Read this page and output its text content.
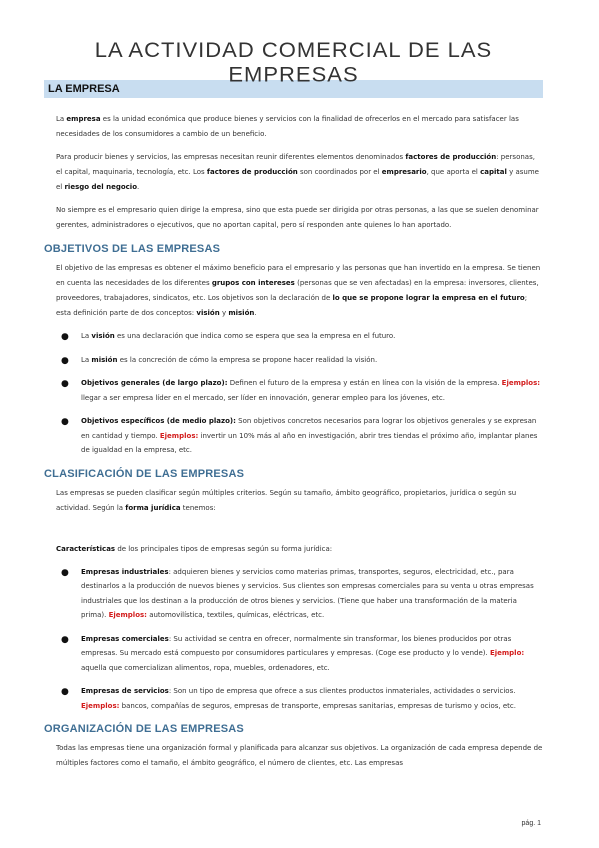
LA ACTIVIDAD COMERCIAL DE LAS EMPRESAS
LA EMPRESA

La empresa es la unidad económica que produce bienes y servicios con la finalidad de ofrecerlos en el mercado para satisfacer las necesidades de los consumidores a cambio de un beneficio.

Para producir bienes y servicios, las empresas necesitan reunir diferentes elementos denominados factores de producción: personas, el capital, maquinaria, tecnología, etc. Los factores de producción son coordinados por el empresario, que aporta el capital y asume el riesgo del negocio.

No siempre es el empresario quien dirige la empresa, sino que esta puede ser dirigida por otras personas, a las que se suelen denominar gerentes, administradores o ejecutivos, que no aportan capital, pero sí responden ante quienes lo han aportado.

OBJETIVOS DE LAS EMPRESAS

El objetivo de las empresas es obtener el máximo beneficio para el empresario y las personas que han invertido en la empresa. Se tienen en cuenta las necesidades de los diferentes grupos con intereses (personas que se ven afectadas) en la empresa: inversores, clientes, proveedores, trabajadores, sindicatos, etc. Los objetivos son la declaración de lo que se propone lograr la empresa en el futuro; esta definición parte de dos conceptos: visión y misión.

● La visión es una declaración que indica como se espera que sea la empresa en el futuro.
● La misión es la concreción de cómo la empresa se propone hacer realidad la visión.
● Objetivos generales (de largo plazo): Definen el futuro de la empresa y están en línea con la visión de la empresa. Ejemplos: llegar a ser empresa líder en el mercado, ser líder en innovación, generar empleo para los jóvenes, etc.
● Objetivos específicos (de medio plazo): Son objetivos concretos necesarios para lograr los objetivos generales y se expresan en cantidad y tiempo. Ejemplos: invertir un 10% más al año en investigación, abrir tres tiendas el próximo año, implantar planes de igualdad en la empresa, etc.
CLASIFICACIÓN DE LAS EMPRESAS

Las empresas se pueden clasificar según múltiples criterios. Según su tamaño, ámbito geográfico, propietarios, jurídica o según su actividad. Según la forma jurídica tenemos:

Características de los principales tipos de empresas según su forma jurídica:

● Empresas industriales: adquieren bienes y servicios como materias primas, transportes, seguros, electricidad, etc., para destinarlos a la producción de nuevos bienes y servicios. Sus clientes son empresas comerciales para su venta u otras empresas industriales que los destinan a la producción de otros bienes y servicios. (Tiene que haber una transformación de la materia prima). Ejemplos: automovilística, textiles, químicas, eléctricas, etc.
● Empresas comerciales: Su actividad se centra en ofrecer, normalmente sin transformar, los bienes producidos por otras empresas. Su mercado está compuesto por consumidores particulares y empresas. (Coge ese producto y lo vende). Ejemplo: aquella que comercializan alimentos, ropa, muebles, ordenadores, etc.
● Empresas de servicios: Son un tipo de empresa que ofrece a sus clientes productos inmateriales, actividades o servicios. Ejemplos: bancos, compañías de seguros, empresas de transporte, empresas sanitarias, empresas de turismo y ocios, etc.
ORGANIZACIÓN DE LAS EMPRESAS

Todas las empresas tiene una organización formal y planificada para alcanzar sus objetivos. La organización de cada empresa depende de múltiples factores como el tamaño, el ámbito geográfico, el número de clientes, etc. Las empresas

pág. 1
